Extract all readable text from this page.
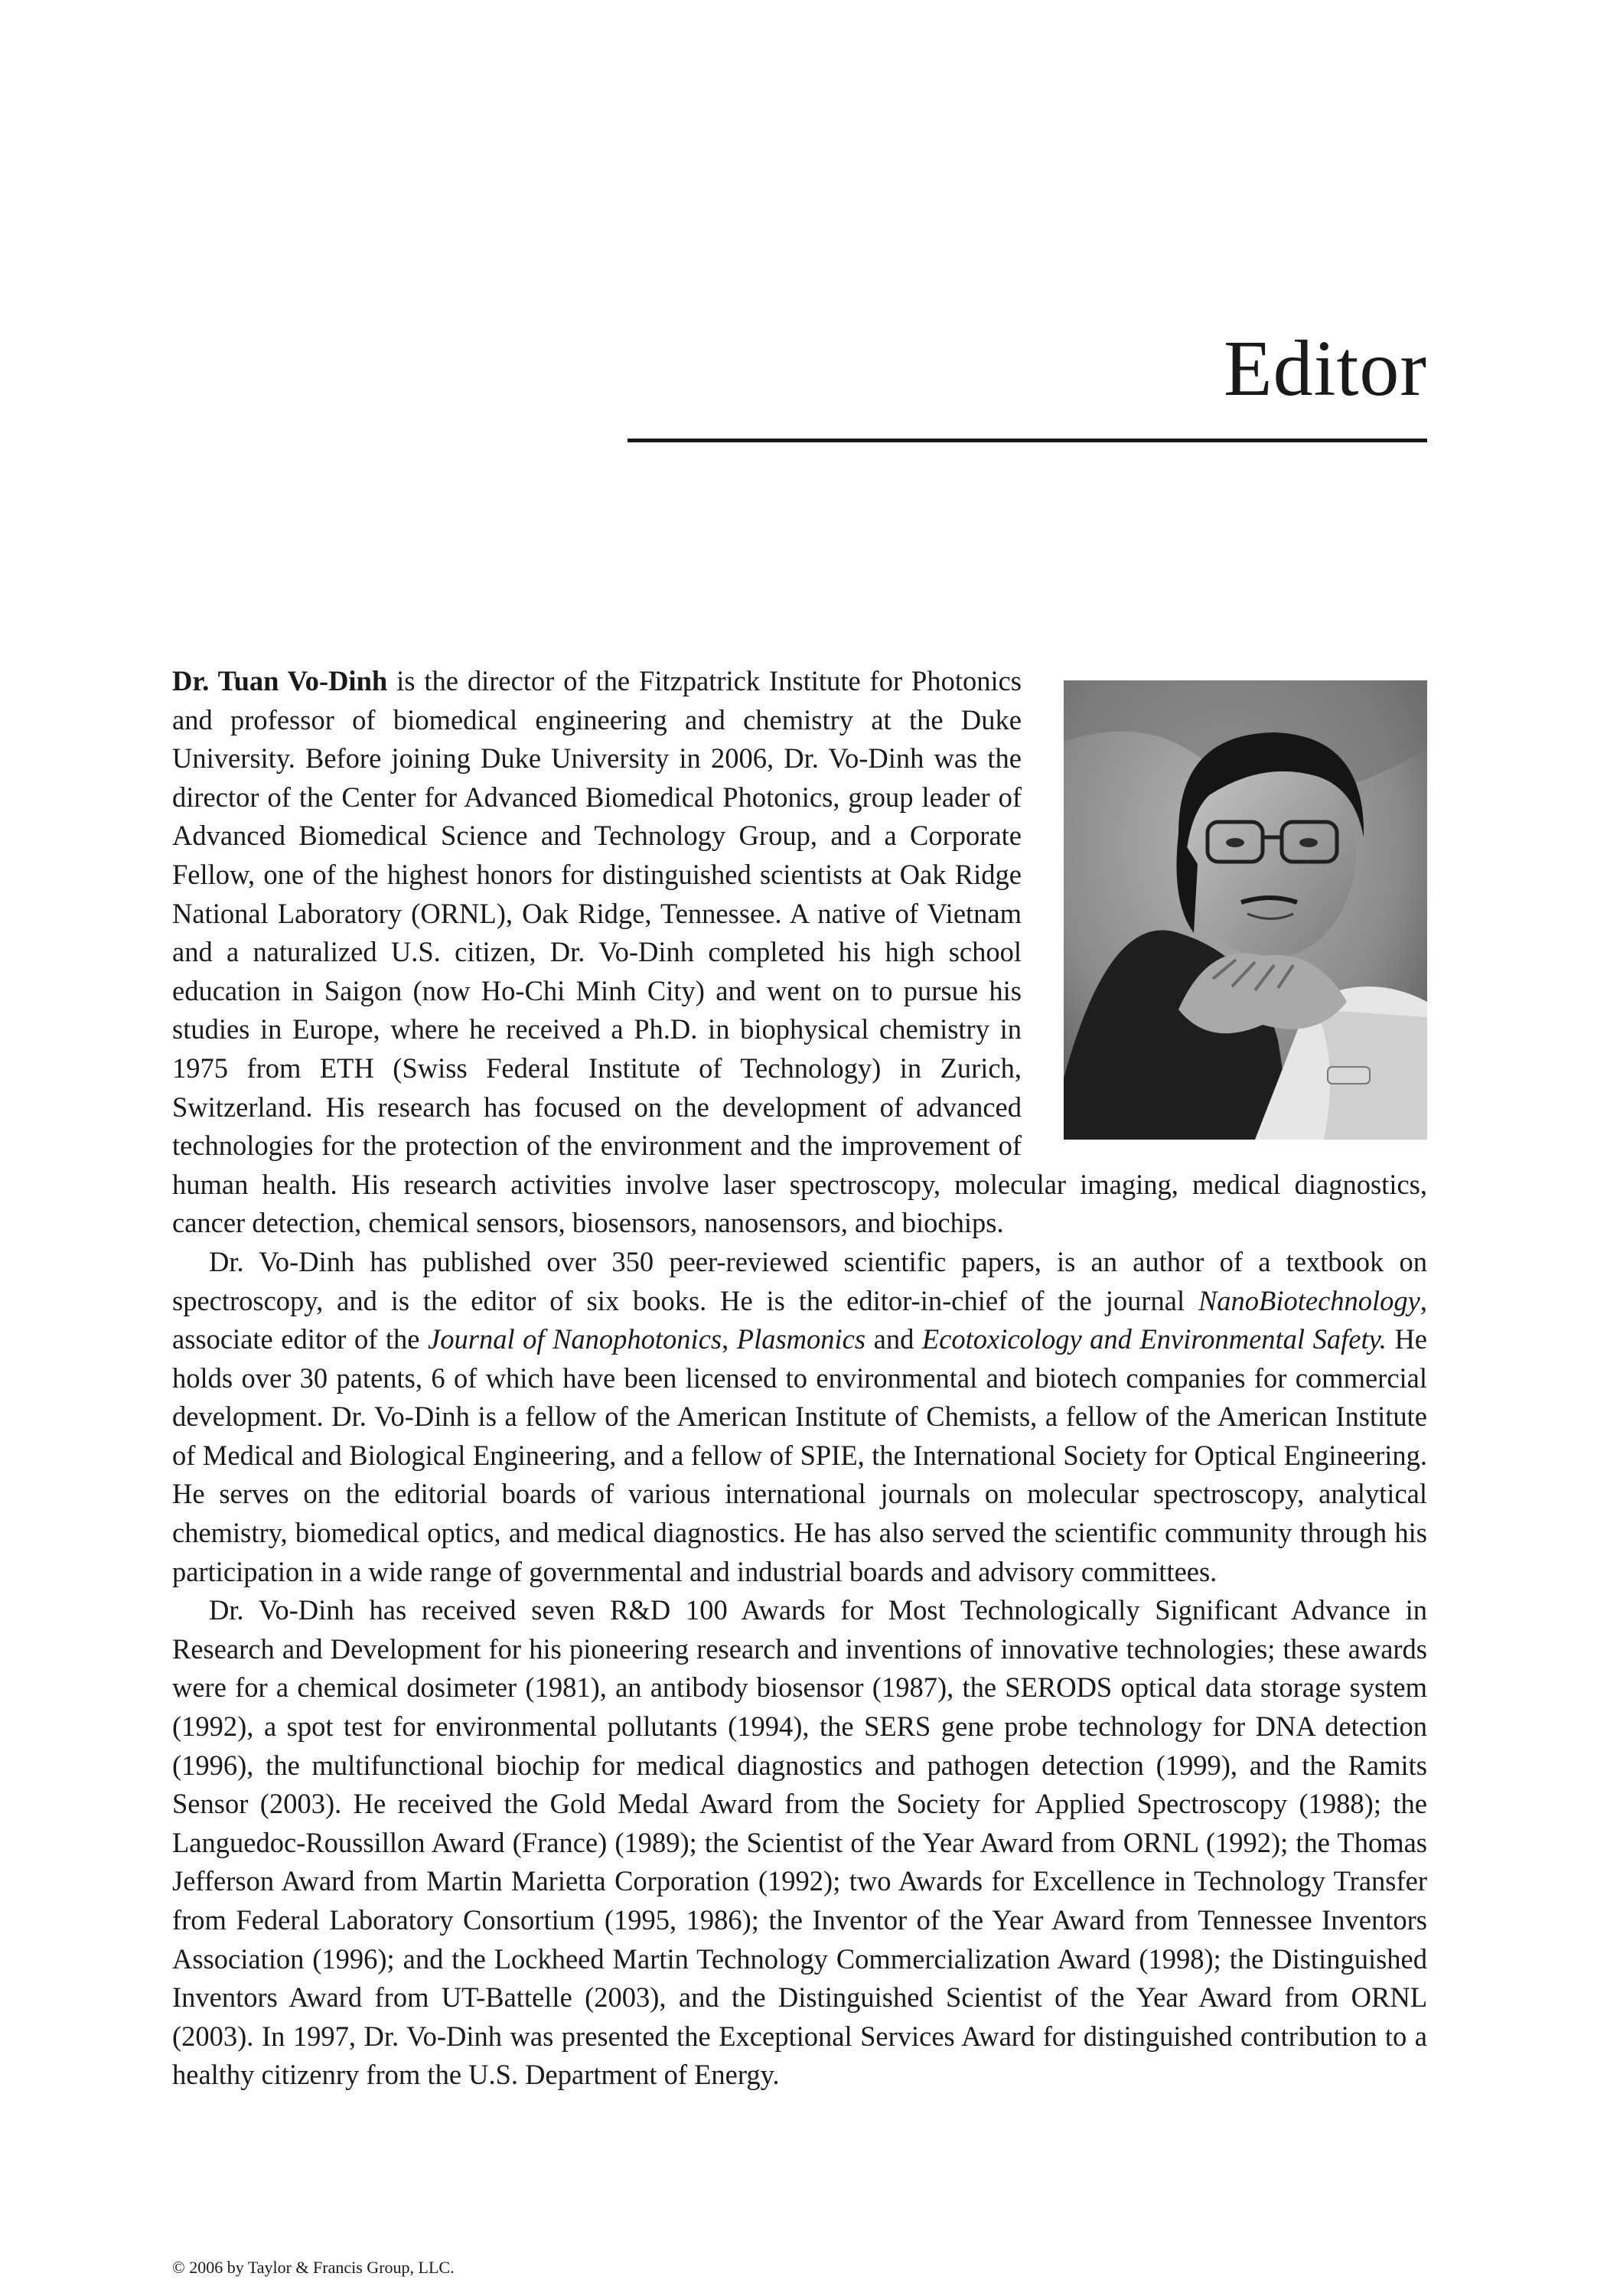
Editor

Dr. Tuan Vo-Dinh is the director of the Fitzpatrick Institute for Photonics and professor of biomedical engineering and chemistry at the Duke University. Before joining Duke University in 2006, Dr. Vo-Dinh was the director of the Center for Advanced Biomedical Photonics, group leader of Advanced Biomedical Science and Technology Group, and a Corporate Fellow, one of the highest honors for distinguished scientists at Oak Ridge National Laboratory (ORNL), Oak Ridge, Tennessee. A native of Vietnam and a naturalized U.S. citizen, Dr. Vo-Dinh completed his high school education in Saigon (now Ho-Chi Minh City) and went on to pursue his studies in Europe, where he received a Ph.D. in biophysical chemistry in 1975 from ETH (Swiss Federal Institute of Technology) in Zurich, Switzerland. His research has focused on the development of advanced technologies for the protection of the environment and the improvement of human health. His research activities involve laser spectroscopy, molecular imaging, medical diagnostics, cancer detection, chemical sensors, biosensors, nanosensors, and biochips.

Dr. Vo-Dinh has published over 350 peer-reviewed scientific papers, is an author of a textbook on spectroscopy, and is the editor of six books. He is the editor-in-chief of the journal NanoBiotechnology, associate editor of the Journal of Nanophotonics, Plasmonics and Ecotoxicology and Environmental Safety. He holds over 30 patents, 6 of which have been licensed to environmental and biotech companies for commercial development. Dr. Vo-Dinh is a fellow of the American Institute of Chemists, a fellow of the American Institute of Medical and Biological Engineering, and a fellow of SPIE, the International Society for Optical Engineering. He serves on the editorial boards of various international journals on molecular spectroscopy, analytical chemistry, biomedical optics, and medical diagnostics. He has also served the scientific community through his participation in a wide range of governmental and industrial boards and advisory committees.

Dr. Vo-Dinh has received seven R&D 100 Awards for Most Technologically Significant Advance in Research and Development for his pioneering research and inventions of innovative technologies; these awards were for a chemical dosimeter (1981), an antibody biosensor (1987), the SERODS optical data storage system (1992), a spot test for environmental pollutants (1994), the SERS gene probe technology for DNA detection (1996), the multifunctional biochip for medical diagnostics and pathogen detection (1999), and the Ramits Sensor (2003). He received the Gold Medal Award from the Society for Applied Spectroscopy (1988); the Languedoc-Roussillon Award (France) (1989); the Scientist of the Year Award from ORNL (1992); the Thomas Jefferson Award from Martin Marietta Corporation (1992); two Awards for Excellence in Technology Transfer from Federal Laboratory Consortium (1995, 1986); the Inventor of the Year Award from Tennessee Inventors Association (1996); and the Lockheed Martin Technology Commercialization Award (1998); the Distinguished Inventors Award from UT-Battelle (2003), and the Distinguished Scientist of the Year Award from ORNL (2003). In 1997, Dr. Vo-Dinh was presented the Exceptional Services Award for distinguished contribution to a healthy citizenry from the U.S. Department of Energy.

© 2006 by Taylor & Francis Group, LLC.
